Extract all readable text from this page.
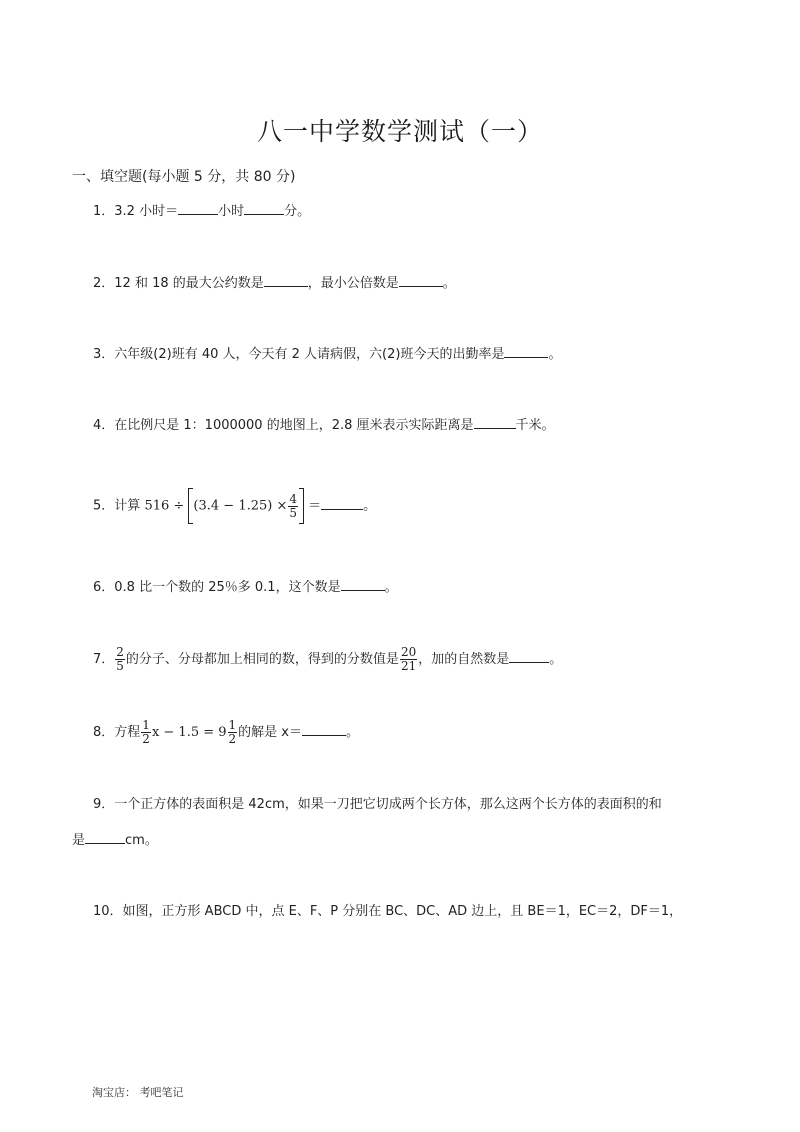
八一中学数学测试（一）
一、填空题(每小题 5 分，共 80 分)
1．3.2 小时＝	小时	分。
2．12 和 18 的最大公约数是	，最小公倍数是	。
3．六年级(2)班有 40 人，今天有 2 人请病假，六(2)班今天的出勤率是	。
4．在比例尺是 1：1000000 的地图上，2.8 厘米表示实际距离是	千米。
5．计算 $516 \div (3.4 - 1.25) \times \frac{4}{5}$ ＝	。
6．0.8 比一个数的 25％多 0.1，这个数是	。
7． $\frac{2}{5}$ 的分子、分母都加上相同的数，得到的分数值是 $\frac{20}{21}$ ，加的自然数是	。
8．方程 $\frac{1}{2}$ $x - 1.5 = 9 \frac{1}{2}$ 的解是 x＝	。
9．一个正方体的表面积是 42cm，如果一刀把它切成两个长方体，那么这两个长方体的表面积的和
是	cm。
10．如图，正方形 ABCD 中，点 E、F、P 分别在 BC、DC、AD 边上，且 BE＝1，EC＝2，DF＝1，
淘宝店： 考吧笔记
